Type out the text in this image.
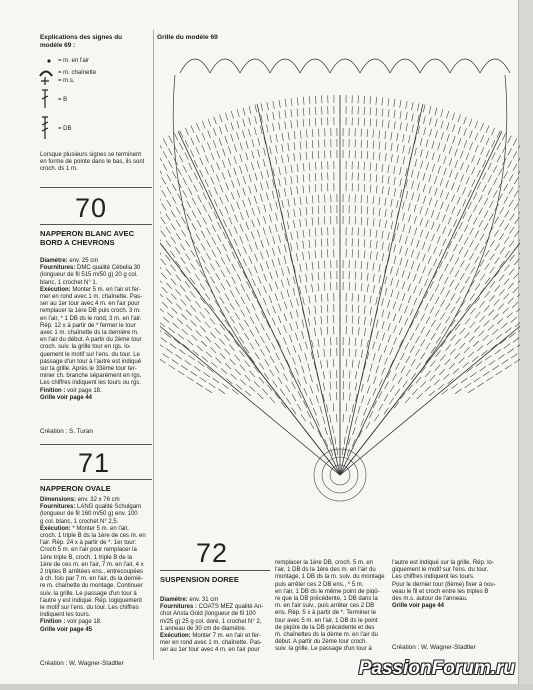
Explications des signes du modèle 69 :
= m. en l'air
= m. chaînette
= m.s.
= B
= DB
Lorsque plusieurs signes se terminent en forme de pointe dans le bas, ils sont croch. ds 1 m.
70
NAPPERON BLANC AVEC BORD A CHEVRONS
Diamètre: env. 25 cm
Fournitures: DMC qualité Cébelia 30
(longueur de fil 515 m/50 g) 20 g col.
blanc, 1 crochet N° 1.
Exécution: Monter 5 m. en l'air et fer-
mer en rond avec 1 m. chaînette. Pas-
ser au 1er tour avec 4 m. en l'air pour
remplacer la 1ère DB puis croch. 3 m.
en l'air, * 1 DB ds le rond, 3 m. en l'air.
Rép. 12 x à partir de * fermer le tour
avec 1 m. chaînette ds la dernière m.
en l'air du début. A partir du 2ème tour
croch. suiv. la grille tour en rgs. lo-
quement le motif sur l'ens. du tour. Le
passage d'un tour à l'autre est indiqué
sur la grille. Après le 33ème tour ter-
miner ch. branche séparément en rgs.
Les chiffres indiquent les tours ou rgs.
Finition : voir page 18.
Grille voir page 44
Création : S. Turan
71
NAPPERON OVALE
Dimensions: env. 32 x 76 cm
Fournitures: LANG qualité Schulgarn
(longueur de fil 160 m/50 g) env. 100
g col. blanc, 1 crochet N° 2,5.
Exécution: * Monter 5 m. en l'air,
croch. 1 triple B ds la 1ère de ces m. en
l'air. Rép. 24 x à partir de *. 1er tour:
Croch 5 m. en l'air pour remplacer la
1ère triple B, croch. 1 triple B de la
1ère de ces m. en l'air, 7 m. en l'air, 4 x
2 triples B arrêtées ens., entrecoupées
à ch. fois par 7 m. en l'air, ds la derniè-
re m. chaînette du montage. Continuer
suiv. la grille. Le passage d'un tour à
l'autre y est indiqué. Rép. logiquement
le motif sur l'ens. du tour. Les chiffres
indiquent les tours.
Finition : voir page 18.
Grille voir page 45
Création : W. Wagner-Stadtler
Grille du modèle 69
72
SUSPENSION DOREE
Diamètre: env. 31 cm
Fournitures : COATS MEZ qualité An-
chor Arista Gold (longueur de fil 100
m/25 g) 25 g col. doré, 1 crochet N° 2,
1 anneau de 30 cm de diamètre.
Exécution: Monter 7 m. en l'air et fer-
mer en rond avec 1 m. chaînette. Pas-
ser au 1er tour avec 4 m. en l'air pour
remplacer la 1ère DB, croch. 5 m. en
l'air, 1 DB ds la 1ère des m. en l'air du
montage, 1 DB ds la m. suiv. du montage
puis arrêter ces 2 DB ens., * 5 m.
en l'air, 1 DB ds le même point de piqû-
re que la DB précédente, 1 DB dans la
m. en l'air suiv., puis arrêter ces 2 DB
ens. Rép. 5 x à partir de *. Terminer le
tour avec 5 m. en l'air, 1 DB ds le point
de piqûre de la DB précédente et des
m. chaînettes ds la dème m. en l'air du
début. A partir du 2ème tour croch.
suiv. la grille. Le passage d'un tour à
l'autre est indiqué sur la grille. Rép. lo-
giquement le motif sur l'ens. du tour.
Les chiffres indiquent les tours.
Pour le dernier tour (8ème) fixer à nou-
veau le fil et croch entre les triples B
des m.s. autour de l'anneau.
Grille voir page 44
Création : W. Wagner-Stadtler
PassionForum.ru
